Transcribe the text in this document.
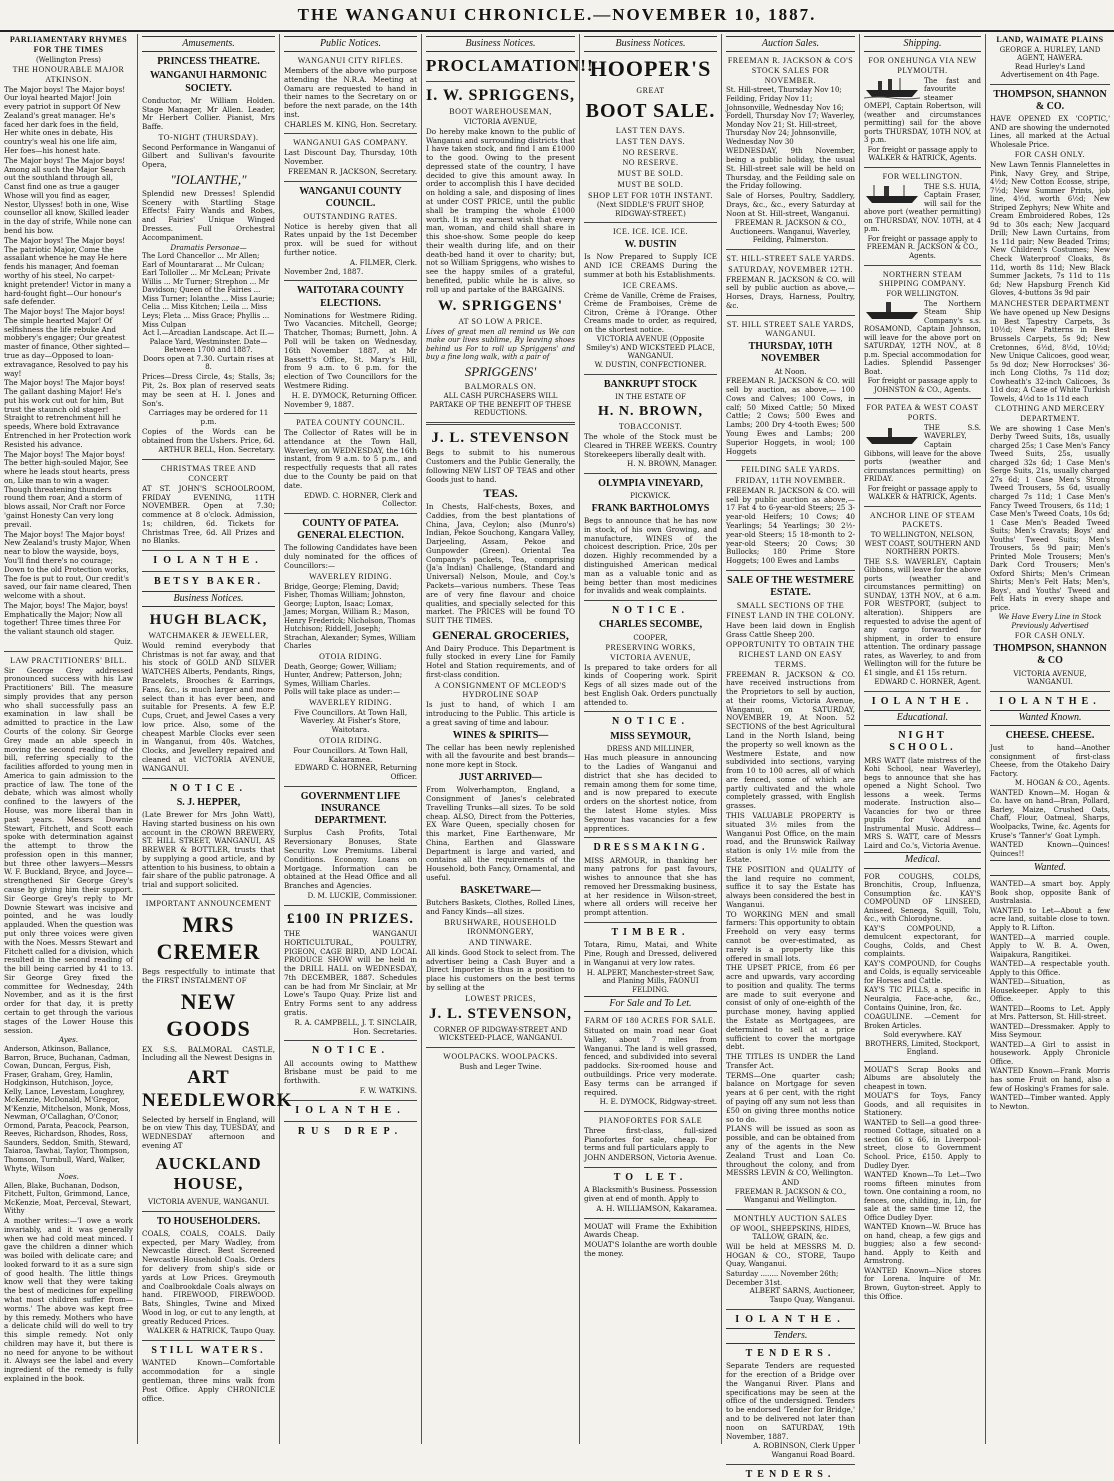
THE WANGANUI CHRONICLE.—NOVEMBER 10, 1887.
PARLIAMENTARY RHYMES FOR THE TIMES
(Wellington Press)
THE HONOURABLE MAJOR ATKINSON.

The Major boys! The Major boys! Our loyal hearted Major! Join every patriot in support Of New Zealand's great manager. He's faced her dark foes in the field, Her white ones in debate, His country's weal his one life aim, Her foes—his honest hate.

The Major boys! The Major boys! Among all such the Major Search out the southland through all, Canst find one as true a gauger Whose will you find as eager, Nestor, Ulysses! both in one, Wise counsellor all know, Skilled leader in the day of strife, While none can bend his bow.

The Major boys! The Major boys! The patriotic Major, Come the assailant whence he may He here fends his manager, And foeman worthy of his steel, No carpet-knight pretender! Victor in many a hard-fought fight—Our honour's safe defender.

The Major boys! The Major boys! The simple hearted Major! Of selfishness the life rebuke And mobbery's engager; Our greatest master of finance, Other sighted—true as day—Opposed to loan-extravagance, Resolved to pay his way!

The Major boys! The Major boys! The gallant dashing Major! He's put his work cut out for him, But trust the staunch old stager! Straight to retrenchment hill he speeds, Where bold Extravance Entrenched in her Protection work Resisted his advance.

The Major boys! The Major boys! The better high-souled Major, See where he leads stout hearts, press on, Like man to win a wager. Though threatening thunders round them roar, And a storm of blows assail, Nor Craft nor Force 'gainst Honesty Can very long prevail.

The Major boys! The Major boys! New Zealand's trusty Major, When near to blow the wayside, boys, You'll find there's no courage; Down to the old Protection works, The foe is put to rout, Our credit's saved, our fair name cleared, Then welcome with a shout.

The Major, boys! The Major, boys! Emphatically the Major; Now all together! Three times three For the valiant staunch old stager.

Quiz.
LAW PRACTITIONERS' BILL.
Sir George Grey addressed pronounced success with his Law Practitioners' Bill. The measure simply provides that any person who shall successfully pass an examination in law shall be admitted to practice in the Law Courts of the colony. Sir George Grey made an able speech in moving the second reading of the bill, referring specially to the facilities afforded to young men in America to gain admission to the practice of law. The tone of the debate, which was almost wholly confined to the lawyers of the House, was more liberal than in past years. Messrs Downie Stewart, Fitchett, and Scott each spoke with determination against the attempt to throw the profession open in this manner, but three other lawyers—Messrs W. F. Buckland, Bryce, and Joyce—strengthened Sir George Grey's cause by giving him their support. Sir George Grey's reply to Mr Downie Stewart was incisive and pointed, and he was loudly applauded. When the question was put only three voices were given with the Noes. Messrs Stewart and Fitchett called for a division, which resulted in the second reading of the bill being carried by 41 to 13. Sir George Grey fixed the committee for Wednesday, 24th November, and as it is the first order for that day, it is pretty certain to get through the various stages of the Lower House this session.
Ayes.
Anderson, Atkinson, Ballance, Barron, Bruce, Buchanan, Cadman, Cowan, Duncan, Fergus, Fish, Fraser, Graham, Grey, Hamlin, Hodgkinson, Hutchison, Joyce, Kelly, Lance, Levestam, Loughrey, McKenzie, McDonald, M'Gregor, M'Kenzie, Mitchelson, Monk, Moss, Newman, O'Callaghan, O'Conor, Ormond, Parata, Peacock, Pearson, Reeves, Richardson, Rhodes, Ross, Saunders, Seddon, Smith, Steward, Taiaroa, Tawhai, Taylor, Thompson, Thomson, Turnbull, Ward, Walker, Whyte, Wilson
Noes.
Allen, Blake, Buchanan, Dodson, Fitchett, Fulton, Grimmond, Lance, McKenzie, Moat, Perceval, Stewart, Withy
A mother writes:—'I owe a work invariably, and it was generally when we had cold meat minced. I gave the children a dinner which was boiled with delicate care; and looked forward to it as a sure sign of good health. The little things know well that they were taking the best of medicines for expelling what most children suffer from—worms.' The above was kept free by this remedy. Mothers who have a delicate child will do well to try this simple remedy. Not only children may have it, but there is no need for anyone to be without it. Always see the label and every ingredient of the remedy is fully explained in the book.
Amusements.
PRINCESS THEATRE.
WANGANUI HARMONIC SOCIETY.
Conductor, Mr William Holden. Stage Manager, Mr Allen. Leader, Mr Herbert Collier. Pianist, Mrs Baffe.
TO-NIGHT (THURSDAY).
Second Performance in Wanganui of Gilbert and Sullivan's favourite Opera,
"IOLANTHE,"
Splendid new Dresses! Splendid Scenery with Startling Stage Effects! Fairy Wands and Robes, and Fairies' Unique Winged Dresses. Full Orchestral Accompaniment.
Dramatis Personae—
The Lord Chancellor ... Mr Allen; Earl of Mountararat ... Mr Culcan; Earl Tolloller ... Mr McLean; Private Willis ... Mr Turner; Strephon ... Mr Davidson; Queen of the Fairies ... Miss Turner; Iolanthe ... Miss Laurie; Celia ... Miss Kitchen; Leila ... Miss Leys; Fleta ... Miss Grace; Phyllis ... Miss Culpan
Act I.—Arcadian Landscape. Act II.—Palace Yard, Westminster. Date—Between 1700 and 1887.
Doors open at 7.30. Curtain rises at 8.
Prices—Dress Circle, 4s; Stalls, 3s; Pit, 2s. Box plan of reserved seats may be seen at H. I. Jones and Son's.
Carriages may be ordered for 11 p.m.
Copies of the Words can be obtained from the Ushers. Price, 6d.
ARTHUR BELL, Hon. Secretary.
CHRISTMAS TREE AND CONCERT
AT ST. JOHN'S SCHOOLROOM, FRIDAY EVENING, 11TH NOVEMBER. Open at 7.30; commence at 8 o'clock. Admission, 1s; children, 6d. Tickets for Christmas Tree, 6d. All Prizes and no Blanks.
IOLANTHE.
BETSY BAKER.
Business Notices.
HUGH BLACK,
WATCHMAKER & JEWELLER,
Would remind everybody that Christmas is not far away, and that his stock of GOLD AND SILVER WATCHES Alberts, Pendants, Rings, Bracelets, Brooches & Earrings, Fans, &c., is much larger and more select than it has ever been, and suitable for Presents. A few E.P. Cups, Cruet, and Jewel Cases a very low price. Also, some of the cheapest Marble Clocks ever seen in Wanganui, from 40s. Watches, Clocks, and Jewellery repaired and cleaned at VICTORIA AVENUE, WANGANUI.
NOTICE.
S. J. HEPPER,
(Late Brewer for Mrs John Watt), Having started business on his own account in the CROWN BREWERY, ST. HILL STREET, WANGANUI, AS BREWER & BOTTLER, trusts that by supplying a good article, and by attention to his business, to obtain a fair share of the public patronage. A trial and support solicited.
IMPORTANT ANNOUNCEMENT
MRS CREMER
Begs respectfully to intimate that the FIRST INSTALMENT OF
NEW GOODS
EX S.S. BALMORAL CASTLE, Including all the Newest Designs in
ART NEEDLEWORK
Selected by herself in England, will be on view This day, TUESDAY, and WEDNESDAY afternoon and evening AT
AUCKLAND HOUSE,
VICTORIA AVENUE, WANGANUI.
TO HOUSEHOLDERS.
COALS, COALS, COALS. Daily expected, per Mary Wadley, from Newcastle direct. Best Screened Newcastle Household Coals. Orders for delivery from ship's side or yards at Low Prices. Greymouth and Coalbrookdale Coals always on hand. FIREWOOD, FIREWOOD. Bats, Shingles, Twine and Mixed Wood in log, or cut to any length, at greatly Reduced Prices.
WALKER & HATRICK, Taupo Quay.
STILL WATERS.
WANTED Known—Comfortable accommodation for a single gentleman, three mins walk from Post Office. Apply CHRONICLE office.
Public Notices.
WANGANUI CITY RIFLES.
Members of the above who purpose attending the N.R.A. Meeting at Oamaru are requested to hand in their names to the Secretary on or before the next parade, on the 14th inst.
CHARLES M. KING, Hon. Secretary.
WANGANUI GAS COMPANY.
Last Discount Day, Thursday, 10th November.
FREEMAN R. JACKSON, Secretary.
WANGANUI COUNTY COUNCIL.
OUTSTANDING RATES.
Notice is hereby given that all Rates unpaid by the 1st December prox. will be sued for without further notice.
A. FILMER, Clerk.
November 2nd, 1887.
WAITOTARA COUNTY ELECTIONS.
Nominations for Westmere Riding. Two Vacancies. Mitchell, George; Thatcher, Thomas; Burnett, John. A Poll will be taken on Wednesday, 16th November 1887, at Mr Bassett's Office, St. Mary's Hill, from 9 a.m. to 6 p.m. for the election of Two Councillors for the Westmere Riding.
H. E. DYMOCK, Returning Officer.
November 9, 1887.
PATEA COUNTY COUNCIL.
The Collector of Rates will be in attendance at the Town Hall, Waverley, on WEDNESDAY, the 16th instant, from 9 a.m. to 5 p.m., and respectfully requests that all rates due to the County be paid on that date.
EDWD. C. HORNER, Clerk and Collector.
COUNTY OF PATEA. GENERAL ELECTION.
The following Candidates have been duly nominated for the offices of Councillors:—
WAVERLEY RIDING.
Bridge, George; Fleming, David; Fisher, Thomas William; Johnston, George; Lupton, Isaac; Lomax, James; Morgan, William R.; Mason, Henry Frederick; Nicholson, Thomas Hutchison; Riddell, Joseph; Strachan, Alexander; Symes, William Charles
OTOIA RIDING.
Death, George; Gower, William; Hunter, Andrew; Patterson, John; Symes, William Charles.
Polls will take place as under:—
WAVERLEY RIDING.
Five Councillors. At Town Hall, Waverley. At Fisher's Store, Waitotara.
OTOIA RIDING.
Four Councillors. At Town Hall, Kakaramea.
EDWARD C. HORNER, Returning Officer.
GOVERNMENT LIFE INSURANCE DEPARTMENT.
Surplus Cash Profits, Total Reversionary Bonuses, State Security. Low Premiums. Liberal Conditions. Economy. Loans on Mortgage. Information can be obtained at the Head Office and all Branches and Agencies.
D. M. LUCKIE, Commissioner.
£100 IN PRIZES.
THE WANGANUI HORTICULTURAL, POULTRY, PIGEON, CAGE BIRD, AND LOCAL PRODUCE SHOW will be held in the DRILL HALL on WEDNESDAY, 7th DECEMBER, 1887. Schedules can be had from Mr Sinclair, at Mr Lowe's Taupo Quay. Prize list and Entry Forms sent to any address gratis.
R. A. CAMPBELL, J. T. SINCLAIR, Hon. Secretaries.
NOTICE.
All accounts owing to Matthew Brisbane must be paid to me forthwith.
F. W. WATKINS.
IOLANTHE.
RUS DREP.
Business Notices.
PROCLAMATION!!
I. W. SPRIGGENS,
BOOT WAREHOUSEMAN,
VICTORIA AVENUE,
Do hereby make known to the public of Wanganui and surrounding districts that I have taken stock, and find I am £1000 to the good. Owing to the present depressed state of the country, I have decided to give this amount away. In order to accomplish this I have decided on holding a sale, and disposing of lines at under COST PRICE, until the public shall be tramping the whole £1000 worth. It is my earnest wish that every man, woman, and child shall share in this shoe-show. Some people do keep their wealth during life, and on their death-bed hand it over to charity; but, not so William Spriggens, who wishes to see the happy smiles of a grateful, benefited, public while he is alive, so roll up and partake of the BARGAINS.
W. SPRIGGENS'
AT SO LOW A PRICE.
Lives of great men all remind us We can make our lives sublime, By leaving shoes behind us For to roll up Spriggens' and buy a fine long walk, with a pair of
SPRIGGENS'
BALMORALS ON.
ALL CASH PURCHASERS WILL PARTAKE OF THE BENEFIT OF THESE REDUCTIONS.
J. L. STEVENSON
Begs to submit to his numerous Customers and the Public Generally, the following NEW LIST OF TEAS and other Goods just to hand.
TEAS.
In Chests, Half-chests, Boxes, and Caddies, from the best plantations of China, Java, Ceylon; also (Munro's) Indian, Pekoe Souchong, Kangara Valley, Darjeeling, Assam, Pekoe and Gunpowder (Green). Oriental Tea Company's packets, Tea, comprising (Ja'a Indian) Challenge, (Standard and Universal) Nelson, Moule, and Coy.'s Packets—various numbers. These Teas are of very fine flavour and choice qualities, and specially selected for this market. The PRICES will be found TO SUIT THE TIMES.
GENERAL GROCERIES,
And Dairy Produce. This Department is fully stocked in every Line for Family Hotel and Station requirements, and of first-class condition.
A CONSIGNMENT OF MCLEOD'S HYDROLINE SOAP
Is just to hand, of which I am introducing to the Public. This article is a great saving of time and labour.
WINES & SPIRITS—
The cellar has been newly replenished with all the favourite and best brands—none more kept in Stock.
JUST ARRIVED—
From Wolverhampton, England, a Consignment of Janes's celebrated Travelling Trunks—all sizes. To be sold cheap. ALSO, Direct from the Potteries, EX Ware Queen, specially chosen for this market, Fine Earthenware, Mr China, Earthen and Glassware Department is large and varied, and contains all the requirements of the Household, both Fancy, Ornamental, and useful.
BASKETWARE—
Butchers Baskets, Clothes, Rolled Lines, and Fancy Kinds—all sizes.
BRUSHWARE, HOUSEHOLD IRONMONGERY,
AND TINWARE.
All kinds. Good Stock to select from. The advertiser being a Cash Buyer and a Direct Importer is thus in a position to place his customers on the best terms by selling at the
LOWEST PRICES,
J. L. STEVENSON,
CORNER OF RIDGWAY-STREET AND WICKSTEED-PLACE, WANGANUI.
WOOLPACKS. WOOLPACKS.
Bush and Leger Twine.
Business Notices.
HOOPER'S
GREAT
BOOT SALE.
LAST TEN DAYS.
LAST TEN DAYS.
NO RESERVE.
NO RESERVE.
MUST BE SOLD.
MUST BE SOLD.
SHOP LET FOR 10TH INSTANT.
(Next SIDDLE'S FRUIT SHOP, RIDGWAY-STREET.)
ICE. ICE. ICE. ICE.
W. DUSTIN
Is Now Prepared to Supply ICE AND ICE CREAMS During the summer at both his Establishments.
ICE CREAMS.
Crème de Vanille, Crème de Fraises, Crème de Framboises, Crème de Citron, Crème à l'Orange. Other Creams made to order, as required, on the shortest notice.
VICTORIA AVENUE (Opposite Smiley's) AND WICKSTEED PLACE, WANGANUI.
W. DUSTIN, CONFECTIONER.
BANKRUPT STOCK
IN THE ESTATE OF
H. N. BROWN,
TOBACCONIST.
The whole of the Stock must be Cleared in THREE WEEKS. Country Storekeepers liberally dealt with.
H. N. BROWN, Manager.
OLYMPIA VINEYARD,
PICKWICK.
FRANK BARTHOLOMYS
Begs to announce that he has now in stock, of his own Growing, and manufacture, WINES of the choicest description. Price, 20s per dozen. Highly recommended by a distinguished American medical man as a valuable tonic and as being better than most medicines for invalids and weak complaints.
NOTICE.
CHARLES SECOMBE,
COOPER,
PRESERVING WORKS, VICTORIA AVENUE,
Is prepared to take orders for all kinds of Coopering work. Spirit Kegs of all sizes made out of the best English Oak. Orders punctually attended to.
NOTICE.
MISS SEYMOUR,
DRESS AND MILLINER,
Has much pleasure in announcing to the Ladies of Wanganui and district that she has decided to remain among them for some time, and is now prepared to execute orders on the shortest notice, from the latest Home styles. Miss Seymour has vacancies for a few apprentices.
DRESSMAKING.
MISS ARMOUR, in thanking her many patrons for past favours, wishes to announce that she has removed her Dressmaking business, at her residence in Wilson-street, where all orders will receive her prompt attention.
TIMBER.
Totara, Rimu, Matai, and White Pine, Rough and Dressed, delivered in Wanganui at very low rates.
H. ALPERT, Manchester-street Saw, and Planing Mills, FAONUI FELDING.
For Sale and To Let.
FARM OF 180 ACRES FOR SALE.
Situated on main road near Goat Valley, about 7 miles from Wanganui. The land is well grassed, fenced, and subdivided into several paddocks. Six-roomed house and outbuildings. Price very moderate. Easy terms can be arranged if required.
H. E. DYMOCK, Ridgway-street.
PIANOFORTES FOR SALE
Three first-class, full-sized Pianofortes for sale, cheap. For terms and full particulars apply to
JOHN ANDERSON, Victoria Avenue.
TO LET.
A Blacksmith's Business. Possession given at end of month. Apply to
A. H. WILLIAMSON, Kakaramea.
MOUAT will Frame the Exhibition Awards Cheap.
MOUAT'S Iolanthe are worth double the money.
Auction Sales.
FREEMAN R. JACKSON & CO'S STOCK SALES FOR NOVEMBER.
St. Hill-street, Thursday Nov 10; Feilding, Friday Nov 11; Johnsonville, Wednesday Nov 16; Fordell, Thursday Nov 17; Waverley, Monday Nov 21; St. Hill-street, Thursday Nov 24; Johnsonville, Wednesday Nov 30
WEDNESDAY, 9th November, being a public holiday, the usual St. Hill-street sale will be held on Thursday, and the Feilding sale on the Friday following.
Sale of Horses, Poultry, Saddlery, Drays, &c., &c., every Saturday at Noon at St. Hill-street, Wanganui.
FREEMAN R. JACKSON & CO., Auctioneers. Wanganui, Waverley, Feilding, Palmerston.
ST. HILL-STREET SALE YARDS.
SATURDAY, NOVEMBER 12TH.
FREEMAN R. JACKSON & CO. will sell by public auction as above,—Horses, Drays, Harness, Poultry, &c.
ST. HILL STREET SALE YARDS, WANGANUI.
THURSDAY, 10TH NOVEMBER
At Noon.
FREEMAN R. JACKSON & CO. will sell by auction, as above,— 100 Cows and Calves; 100 Cows, in calf; 50 Mixed Cattle; 50 Mixed Cattle; 2 Cows; 500 Ewes and Lambs; 200 Dry 4-tooth Ewes; 500 Young Ewes and Lambs; 200 Superior Hoggets, in wool; 100 Hoggets
FEILDING SALE YARDS.
FRIDAY, 11TH NOVEMBER.
FREEMAN R. JACKSON & CO. will sell by public auction as above,— 17 Fat 4 to 6-year-old Steers; 25 3-year-old Heifers; 10 Cows; 40 Yearlings; 54 Yearlings; 30 2½-year-old Steers; 15 18-month to 2-year-old Steers; 20 Cows; 30 Bullocks; 180 Prime Store Hoggets; 100 Ewes and Lambs
SALE OF THE WESTMERE ESTATE.
SMALL SECTIONS OF THE FINEST LAND IN THE COLONY.
Have been laid down in English Grass Cattle Sheep 200.
OPPORTUNITY TO OBTAIN THE RICHEST LAND ON EASY TERMS.
FREEMAN R. JACKSON & CO. have received instructions from the Proprietors to sell by auction, at their rooms, Victoria Avenue, Wanganui, on SATURDAY, NOVEMBER 19, At Noon. 52 SECTIONS of the best Agricultural Land in the North Island, being the property so well known as the Westmere Estate, and now subdivided into sections, varying from 10 to 100 acres, all of which are fenced, some of which are partly cultivated and the whole completely grassed, with English grasses.
THIS VALUABLE PROPERTY is situated 3½ miles from the Wanganui Post Office, on the main road, and the Brunswick Railway station is only 1½ mile from the Estate.
THE POSITION and QUALITY of the land require no comment, suffice it to say the Estate has always been considered the best in Wanganui.
TO WORKING MEN and small farmers: This opportunity to obtain Freehold on very easy terms cannot be over-estimated, as rarely is a property like this offered in small lots.
THE UPSET PRICE, from £6 per acre and upwards, vary according to position and quality. The terms are made to suit everyone and consist of only of one-eighth of the purchase money, having applied the Estate as Mortgagees, are determined to sell at a price sufficient to cover the mortgage debt.
THE TITLES IS UNDER the Land Transfer Act.
TERMS—One quarter cash; balance on Mortgage for seven years at 6 per cent, with the right of paying off any sum not less than £50 on giving three months notice so to do.
PLANS will be issued as soon as possible, and can be obtained from any of the agents in the New Zealand Trust and Loan Co. throughout the colony, and from MESSRS LEVIN & CO, Wellington.
AND
FREEMAN R. JACKSON & CO., Wanganui and Wellington.
MONTHLY AUCTION SALES
OF WOOL, SHEEPSKINS, HIDES, TALLOW, GRAIN, &c.
Will be held at MESSRS M. D. HOGAN & CO., STORE, Taupo Quay, Wanganui.
Saturday ........ November 26th; December 31st.
ALBERT SARNS, Auctioneer, Taupo Quay, Wanganui.
IOLANTHE.
Tenders.
TENDERS.
Separate Tenders are requested for the erection of a Bridge over the Wanganui River. Plans and specifications may be seen at the office of the undersigned. Tenders to be endorsed 'Tender for Bridge,' and to be delivered not later than noon on SATURDAY, 19th November, 1887.
A. ROBINSON, Clerk Upper Wanganui Road Board.
TENDERS.
Shipping.
FOR ONEHUNGA VIA NEW PLYMOUTH.
The fast and favourite steamer OMEPI, Captain Robertson, will (weather and circumstances permitting) sail for the above ports THURSDAY, 10TH NOV, at 3 p.m.
For freight or passage apply to WALKER & HATRICK, Agents.
FOR WELLINGTON.
THE S.S. HUIA, Captain Fraser, will sail for the above port (weather permitting) on THURSDAY, NOV. 10TH, at 4 p.m.
For freight or passage apply to FREEMAN R. JACKSON & CO., Agents.
NORTHERN STEAM SHIPPING COMPANY.
FOR WELLINGTON.
The Northern Steam Ship Company's s.s. ROSAMOND, Captain Johnson, will leave for the above port on SATURDAY, 12TH NOV., at 8 p.m. Special accommodation for Ladies. Splendid Passenger Boat.
For freight or passage apply to JOHNSTON & CO., Agents.
FOR PATEA & WEST COAST PORTS.
THE S.S. WAVERLEY, Captain Gibbons, will leave for the above ports (weather and circumstances permitting) on FRIDAY.
For freight or passage apply to WALKER & HATRICK, Agents.
ANCHOR LINE OF STEAM PACKETS.
TO WELLINGTON, NELSON, WEST COAST, SOUTHERN AND NORTHERN PORTS.
THE S.S. WAVERLEY, Captain Gibbons, will leave for the above ports (weather and circumstances permitting) on SUNDAY, 13TH NOV., at 6 a.m. FOR WESTPORT, (subject to alteration). Shippers are requested to advise the agent of any cargo forwarded for shipment, in order to ensure attention. The ordinary passage rates, as Waverley, to and from Wellington will for the future be £1 single, and £1 15s return.
EDWARD C. HORNER, Agent.
IOLANTHE.
Educational.
NIGHT SCHOOL.
MRS WATT (late mistress of the Kohi School, near Waverley), begs to announce that she has opened a Night School. Two lessons a week. Terms moderate. Instruction also—Vacancies for two or three pupils for Vocal and Instrumental Music. Address—MRS S. WATT, care of Messrs Laird and Co.'s, Victoria Avenue.
Medical.
FOR COUGHS, COLDS, Bronchitis, Croup, Influenza, Consumption &c. KAY'S COMPOUND OF LINSEED, Aniseed, Senega, Squill, Tolu, &c., with Chlorodyne.
KAY'S COMPOUND, a demulcent expectorant, for Coughs, Colds, and Chest complaints.
KAY'S COMPOUND, for Coughs and Colds, is equally serviceable for Horses and Cattle.
KAY'S TIC PILLS, a specific in Neuralgia, Face-ache, &c., Contains Quinine, Iron, &c.
COAGULINE. —Cement for Broken Articles.
Sold everywhere. KAY BROTHERS, Limited, Stockport, England.
MOUAT'S Scrap Books and Albums are absolutely the cheapest in town.
MOUAT'S for Toys, Fancy Goods, and all requisites in Stationery.
WANTED to Sell—a good three-roomed Cottage, situated on a section 66 x 66, in Liverpool-street, close to Government School. Price, £150. Apply to Dudley Dyer.
WANTED Known—To Let—Two rooms fifteen minutes from town. One containing a room, no fences, one, childing, in, Lin, for sale at the same time 12, the Office Dudley Dyer.
WANTED Known—W. Bruce has on hand, cheap, a few gigs and buggies; also a few second-hand. Apply to Keith and Armstrong.
WANTED Known—Nice stores for Lorena. Inquire of Mr. Brown, Guyton-street. Apply to this Office.
LAND, WAIMATE PLAINS
GEORGE A. HURLEY, LAND AGENT, HAWERA.
Read Hurley's Land Advertisement on 4th Page.
THOMPSON, SHANNON & CO.
HAVE OPENED EX 'COPTIC,' AND are showing the undernoted Lines, all marked at the Actual Wholesale Price.
FOR CASH ONLY.
New Lawn Tennis Flannelettes in Pink, Navy Grey, and Stripe, 4½d; New Cotton Ecosse, stripe, 7½d; New Summer Prints, job line, 4½d, worth 6½d; New Striped Zephyrs; New White and Cream Embroidered Robes, 12s 9d to 30s each; New Jacquard Drill; New Lawn Curtains, from 1s 11d pair; New Beaded Trims; New Children's Costumes; New Check Waterproof Cloaks, 8s 11d, worth 8s 11d; New Black Summer Jackets, 7s 11d to 11s 6d; New Hapsburg French Kid Gloves, 4-buttons 3s 9d pair
MANCHESTER DEPARTMENT
We have opened up New Designs in Best Tapestry Carpets, 3s 10½d; New Patterns in Best Brussels Carpets, 5s 9d; New Cretonnes, 6½d, 8½d, 10½d; New Unique Calicoes, good wear, 5s 9d doz; New Horrockses' 36-inch Long Cloths, 7s 11d doz; Cowheath's 32-inch Calicoes, 3s 11d doz; A Case of White Turkish Towels, 4½d to 1s 11d each
CLOTHING AND MERCERY DEPARTMENT.
We are showing 1 Case Men's Derby Tweed Suits, 18s, usually charged 25s; 1 Case Men's Fancy Tweed Suits, 25s, usually charged 32s 6d; 1 Case Men's Serge Suits, 21s, usually charged 27s 6d; 1 Case Men's Strong Tweed Trousers, 5s 6d, usually charged 7s 11d; 1 Case Men's Fancy Tweed Trousers, 6s 11d; 1 Case Men's Tweed Coats, 10s 6d; 1 Case Men's Beaded Tweed Suits; Men's Cravats; Boys' and Youths' Tweed Suits; Men's Trousers, 5s 9d pair; Men's Printed Mole Trousers; Men's Dark Cord Trousers; Men's Oxford Shirts; Men's Crimean Shirts; Men's Felt Hats; Men's, Boys', and Youths' Tweed and Felt Hats in every shape and price.
We Have Every Line in Stock Previously Advertised
FOR CASH ONLY.
THOMPSON, SHANNON & CO
VICTORIA AVENUE, WANGANUI.
IOLANTHE.
Wanted Known.
CHEESE. CHEESE.
Just to hand—Another consignment of first-class Cheese, from the Otakeho Dairy Factory.
M. HOGAN & CO., Agents.
WANTED Known—M. Hogan & Co. have on hand—Bran, Pollard, Barley, Maize, Crushed Oats, Chaff, Flour, Oatmeal, Sharps, Woolpacks, Twine, &c. Agents for Kruse's 'Tanner's' Goat Lymph.
WANTED Known—Quinces! Quinces!!
Wanted.
WANTED—A smart boy. Apply Book shop, opposite Bank of Australasia.
WANTED to Let—About a few acre land, suitable close to town. Apply to R. Lifton.
WANTED—A married couple. Apply to W. B. A. Owen, Waipakura, Rangitikei.
WANTED—A respectable youth. Apply to this Office.
WANTED—Situation, as Housekeeper. Apply to this Office.
WANTED—Rooms to Let. Apply at Mrs. Patterson, St. Hill-street.
WANTED—Dressmaker. Apply to Miss Seymour.
WANTED—A Girl to assist in housework. Apply Chronicle Office.
WANTED Known—Frank Morris has some Fruit on hand, also a few of Hosking's Frames for sale.
WANTED—Timber wanted. Apply to Newton.
